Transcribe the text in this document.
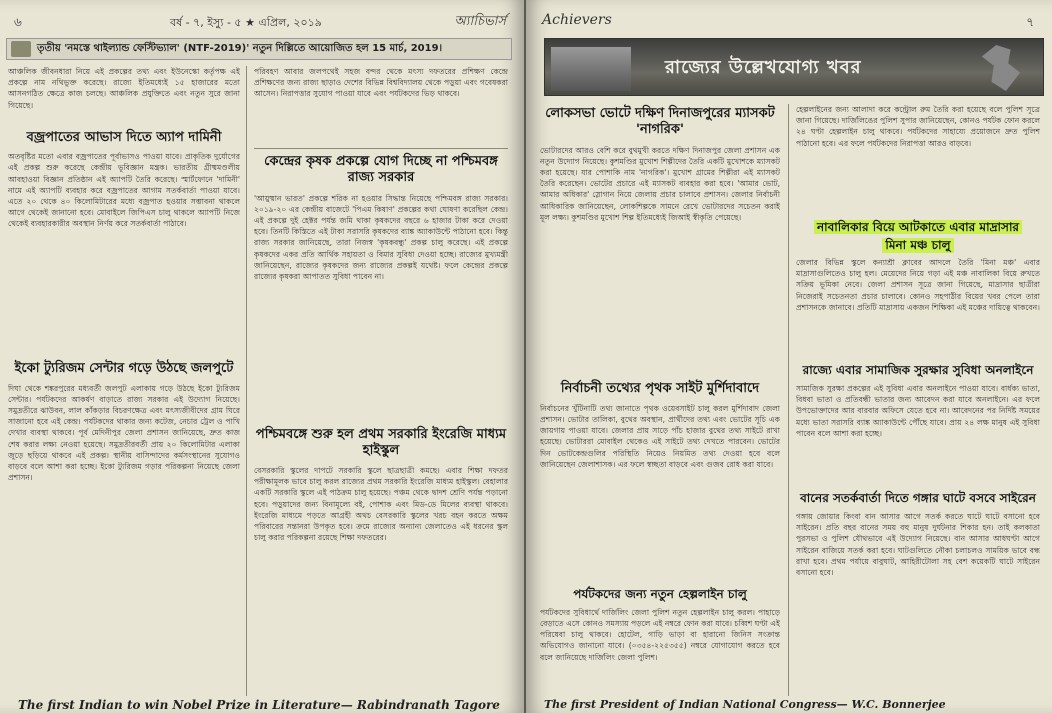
৬	বর্ষ - ৭, ইস্যু - ৫ ★ এপ্রিল, ২০১৯	অ্যাচিভার্স
তৃতীয় 'নমস্তে থাইল্যান্ড ফেস্টিভ্যাল' (NTF-2019)' নতুন দিল্লিতে আয়োজিত হল 15 মার্চ, 2019।
আঞ্চলিক জীবনধারা নিয়ে এই প্রকল্পের তথ্য এবং ইউনেস্কো কর্তৃপক্ষ এই প্রকল্পে নাম নথিভুক্ত করেছে। রাজ্যে ইতিমধ্যেই ১৫ হাজারের মতো আসনগঠিত ক্ষেত্রে কাজ চলছে। আঞ্চলিক প্রযুক্তিতে এবং নতুন সুরে জানা গিয়েছে।
বজ্রপাতের আভাস দিতে অ্যাপ দামিনী
অতবৃষ্টির মতো এবার বজ্রপাতের পূর্বাভাসও পাওয়া যাবে। প্রাকৃতিক দুর্যোগের এই প্রকল্প শুরু করেছে কেন্দ্রীয় ভূবিজ্ঞান মন্ত্রক। ভারতীয় গ্রীষ্মমণ্ডলীয় আবহাওয়া বিজ্ঞান প্রতিষ্ঠান এই অ্যাপটি তৈরি করেছে। স্মার্টফোনে 'দামিনী' নামে এই অ্যাপটি ব্যবহার করে বজ্রপাতের আগাম সতর্কবার্তা পাওয়া যাবে। এতে ২০ থেকে ৪০ কিলোমিটারের মধ্যে বজ্রপাত হওয়ার সম্ভাবনা থাকলে আগে থেকেই জানানো হবে। মোবাইলে জিপিএস চালু থাকলে অ্যাপটি নিজে থেকেই ব্যবহারকারীর অবস্থান নির্ণয় করে সতর্কবার্তা পাঠাবে।
ইকো ট্যুরিজম সেন্টার গড়ে উঠছে জলপুটে
দিঘা থেকে শঙ্করপুরের মধ্যবর্তী জলপুট এলাকায় গড়ে উঠছে ইকো ট্যুরিজম সেন্টার। পর্যটকদের আকর্ষণ বাড়াতে রাজ্য সরকার এই উদ্যোগ নিয়েছে। সমুদ্রতীরে ঝাউবন, লাল কাঁকড়ার বিচরণক্ষেত্র এবং মৎস্যজীবীদের গ্রাম ঘিরে সাজানো হবে এই কেন্দ্র। পর্যটকদের থাকার জন্য কটেজ, নেচার ট্রেল ও পাখি দেখার ব্যবস্থা থাকবে। পূর্ব মেদিনীপুর জেলা প্রশাসন জানিয়েছে, দ্রুত কাজ শেষ করার লক্ষ্য নেওয়া হয়েছে। সমুদ্রতীরবর্তী প্রায় ২০ কিলোমিটার এলাকা জুড়ে ছড়িয়ে থাকবে এই প্রকল্প। স্থানীয় বাসিন্দাদের কর্মসংস্থানের সুযোগও বাড়বে বলে আশা করা হচ্ছে। ইকো ট্যুরিজম গড়ার পরিকল্পনা নিয়েছে জেলা প্রশাসন।
পরিবহণ আবার জলপথেই সহজ বন্দর থেকে মৎস্য দফতরের প্রশিক্ষণ কেন্দ্রে প্রশিক্ষণের জন্য রাজ্য ছাড়াও দেশের বিভিন্ন বিশ্ববিদ্যালয় থেকে পড়ুয়া এবং গবেষকরা আসেন। নিরাপত্তার সুযোগ পাওয়া যাবে এবং পর্যটকদের ভিড় থাকবে।
কেন্দ্রের কৃষক প্রকল্পে যোগ দিচ্ছে না পশ্চিমবঙ্গ রাজ্য সরকার
'আয়ুষ্মান ভারত' প্রকল্পে শরিক না হওয়ার সিদ্ধান্ত নিয়েছে পশ্চিমবঙ্গ রাজ্য সরকার। ২০১৯-২০ এর কেন্দ্রীয় বাজেটে 'পিএম কিষাণ' প্রকল্পের কথা ঘোষণা করেছিল কেন্দ্র। এই প্রকল্পে দুই হেক্টর পর্যন্ত জমি থাকা কৃষকদের বছরে ৬ হাজার টাকা করে দেওয়া হবে। তিনটি কিস্তিতে এই টাকা সরাসরি কৃষকদের ব্যাঙ্ক অ্যাকাউন্টে পাঠানো হবে। কিন্তু রাজ্য সরকার জানিয়েছে, তারা নিজস্ব 'কৃষকবন্ধু' প্রকল্প চালু করেছে। এই প্রকল্পে কৃষকদের একর প্রতি আর্থিক সহায়তা ও বিমার সুবিধা দেওয়া হচ্ছে। রাজ্যের মুখ্যমন্ত্রী জানিয়েছেন, রাজ্যের কৃষকদের জন্য রাজ্যের প্রকল্পই যথেষ্ট। ফলে কেন্দ্রের প্রকল্পে রাজ্যের কৃষকরা আপাতত সুবিধা পাবেন না।
পশ্চিমবঙ্গে শুরু হল প্রথম সরকারি ইংরেজি মাধ্যম হাইস্কুল
বেসরকারি স্কুলের দাপটে সরকারি স্কুলে ছাত্রছাত্রী কমছে। এবার শিক্ষা দফতর পরীক্ষামূলক ভাবে চালু করল রাজ্যের প্রথম সরকারি ইংরেজি মাধ্যম হাইস্কুল। বেহালার একটি সরকারি স্কুলে এই পাঠক্রম চালু হয়েছে। পঞ্চম থেকে দ্বাদশ শ্রেণি পর্যন্ত পড়ানো হবে। পড়ুয়াদের জন্য বিনামূল্যে বই, পোশাক এবং মিড-ডে মিলের ব্যবস্থা থাকবে। ইংরেজি মাধ্যমে পড়তে আগ্রহী অথচ বেসরকারি স্কুলের খরচ বহন করতে অক্ষম পরিবারের সন্তানরা উপকৃত হবে। ক্রমে রাজ্যের অন্যান্য জেলাতেও এই ধরনের স্কুল চালু করার পরিকল্পনা রয়েছে শিক্ষা দফতরের।
The first Indian to win Nobel Prize in Literature— Rabindranath Tagore
Achievers	৭
রাজ্যের উল্লেখযোগ্য খবর
লোকসভা ভোটে দক্ষিণ দিনাজপুরের ম্যাসকট 'নাগরিক'
ভোটারদের আরও বেশি করে বুথমুখী করতে দক্ষিণ দিনাজপুর জেলা প্রশাসন এক নতুন উদ্যোগ নিয়েছে। কুশমণ্ডির মুখোশ শিল্পীদের তৈরি একটি মুখোশকে ম্যাসকট করা হয়েছে। যার পোশাকি নাম 'নাগরিক'। মুখোশ গ্রামের শিল্পীরা এই ম্যাসকট তৈরি করেছেন। ভোটের প্রচারে এই ম্যাসকট ব্যবহার করা হবে। 'আমার ভোট, আমার অধিকার' স্লোগান নিয়ে জেলায় প্রচার চালাবে প্রশাসন। জেলার নির্বাচনী আধিকারিক জানিয়েছেন, লোকশিল্পকে সামনে রেখে ভোটারদের সচেতন করাই মূল লক্ষ্য। কুশমণ্ডির মুখোশ শিল্প ইতিমধ্যেই জিআই স্বীকৃতি পেয়েছে।
নির্বাচনী তথ্যের পৃথক সাইট মুর্শিদাবাদে
নির্বাচনের খুঁটিনাটি তথ্য জানাতে পৃথক ওয়েবসাইট চালু করল মুর্শিদাবাদ জেলা প্রশাসন। ভোটার তালিকা, বুথের অবস্থান, প্রার্থীদের তথ্য এবং ভোটের সূচি এক জায়গায় পাওয়া যাবে। জেলার প্রায় সাড়ে পাঁচ হাজার বুথের তথ্য সাইটে রাখা হয়েছে। ভোটাররা মোবাইল থেকেও এই সাইটে তথ্য দেখতে পারবেন। ভোটের দিন ভোটকেন্দ্রগুলির পরিস্থিতি নিয়েও নিয়মিত তথ্য দেওয়া হবে বলে জানিয়েছেন জেলাশাসক। এর ফলে স্বচ্ছতা বাড়বে এবং গুজব রোধ করা যাবে।
পর্যটকদের জন্য নতুন হেল্পলাইন চালু
পর্যটকদের সুবিধার্থে দার্জিলিং জেলা পুলিশ নতুন হেল্পলাইন চালু করল। পাহাড়ে বেড়াতে এসে কোনও সমস্যায় পড়লে এই নম্বরে ফোন করা যাবে। চব্বিশ ঘণ্টা এই পরিষেবা চালু থাকবে। হোটেল, গাড়ি ভাড়া বা হারানো জিনিস সংক্রান্ত অভিযোগও জানানো যাবে। (০৩৫৪-২২৫৩৫৫) নম্বরে যোগাযোগ করতে হবে বলে জানিয়েছে দার্জিলিং জেলা পুলিশ।
হেল্পলাইনের জন্য আলাদা করে কন্ট্রোল রুম তৈরি করা হয়েছে বলে পুলিশ সূত্রে জানা গিয়েছে। দার্জিলিঙের পুলিশ সুপার জানিয়েছেন, কোনও পর্যটক ফোন করলে ২৪ ঘণ্টা হেল্পলাইন চালু থাকবে। পর্যটকদের সাহায্যে প্রয়োজনে দ্রুত পুলিশ পাঠানো হবে। এর ফলে পর্যটকদের নিরাপত্তা আরও বাড়বে।
নাবালিকার বিয়ে আটকাতে এবার মাদ্রাসার
মিনা মঞ্চ চালু
জেলার বিভিন্ন স্কুলে কন্যাশ্রী ক্লাবের আদলে তৈরি 'মিনা মঞ্চ' এবার মাদ্রাসাগুলিতেও চালু হল। মেয়েদের নিয়ে গড়া এই মঞ্চ নাবালিকা বিয়ে রুখতে সক্রিয় ভূমিকা নেবে। জেলা প্রশাসন সূত্রে জানা গিয়েছে, মাদ্রাসার ছাত্রীরা নিজেরাই সচেতনতা প্রচার চালাবে। কোনও সহপাঠীর বিয়ের খবর পেলে তারা প্রশাসনকে জানাবে। প্রতিটি মাদ্রাসায় একজন শিক্ষিকা এই মঞ্চের দায়িত্বে থাকবেন।
রাজ্যে এবার সামাজিক সুরক্ষার সুবিধা অনলাইনে
সামাজিক সুরক্ষা প্রকল্পের এই সুবিধা এবার অনলাইনে পাওয়া যাবে। বার্ধক্য ভাতা, বিধবা ভাতা ও প্রতিবন্ধী ভাতার জন্য আবেদন করা যাবে অনলাইনে। এর ফলে উপভোক্তাদের আর বারবার অফিসে যেতে হবে না। আবেদনের পর নির্দিষ্ট সময়ের মধ্যে ভাতা সরাসরি ব্যাঙ্ক অ্যাকাউন্টে পৌঁছে যাবে। প্রায় ২৪ লক্ষ মানুষ এই সুবিধা পাবেন বলে আশা করা হচ্ছে।
বানের সতর্কবার্তা দিতে গঙ্গার ঘাটে বসবে সাইরেন
গঙ্গায় জোয়ার কিংবা বান আসার আগে সতর্ক করতে ঘাটে ঘাটে বসানো হবে সাইরেন। প্রতি বছর বানের সময় বহু মানুষ দুর্ঘটনার শিকার হন। তাই কলকাতা পুরসভা ও পুলিশ যৌথভাবে এই উদ্যোগ নিয়েছে। বান আসার আধঘণ্টা আগে সাইরেন বাজিয়ে সতর্ক করা হবে। ঘাটগুলিতে নৌকা চলাচলও সাময়িক ভাবে বন্ধ রাখা হবে। প্রথম পর্যায়ে বাবুঘাট, আহিরীটোলা সহ বেশ কয়েকটি ঘাটে সাইরেন বসানো হবে।
The first President of Indian National Congress— W.C. Bonnerjee
